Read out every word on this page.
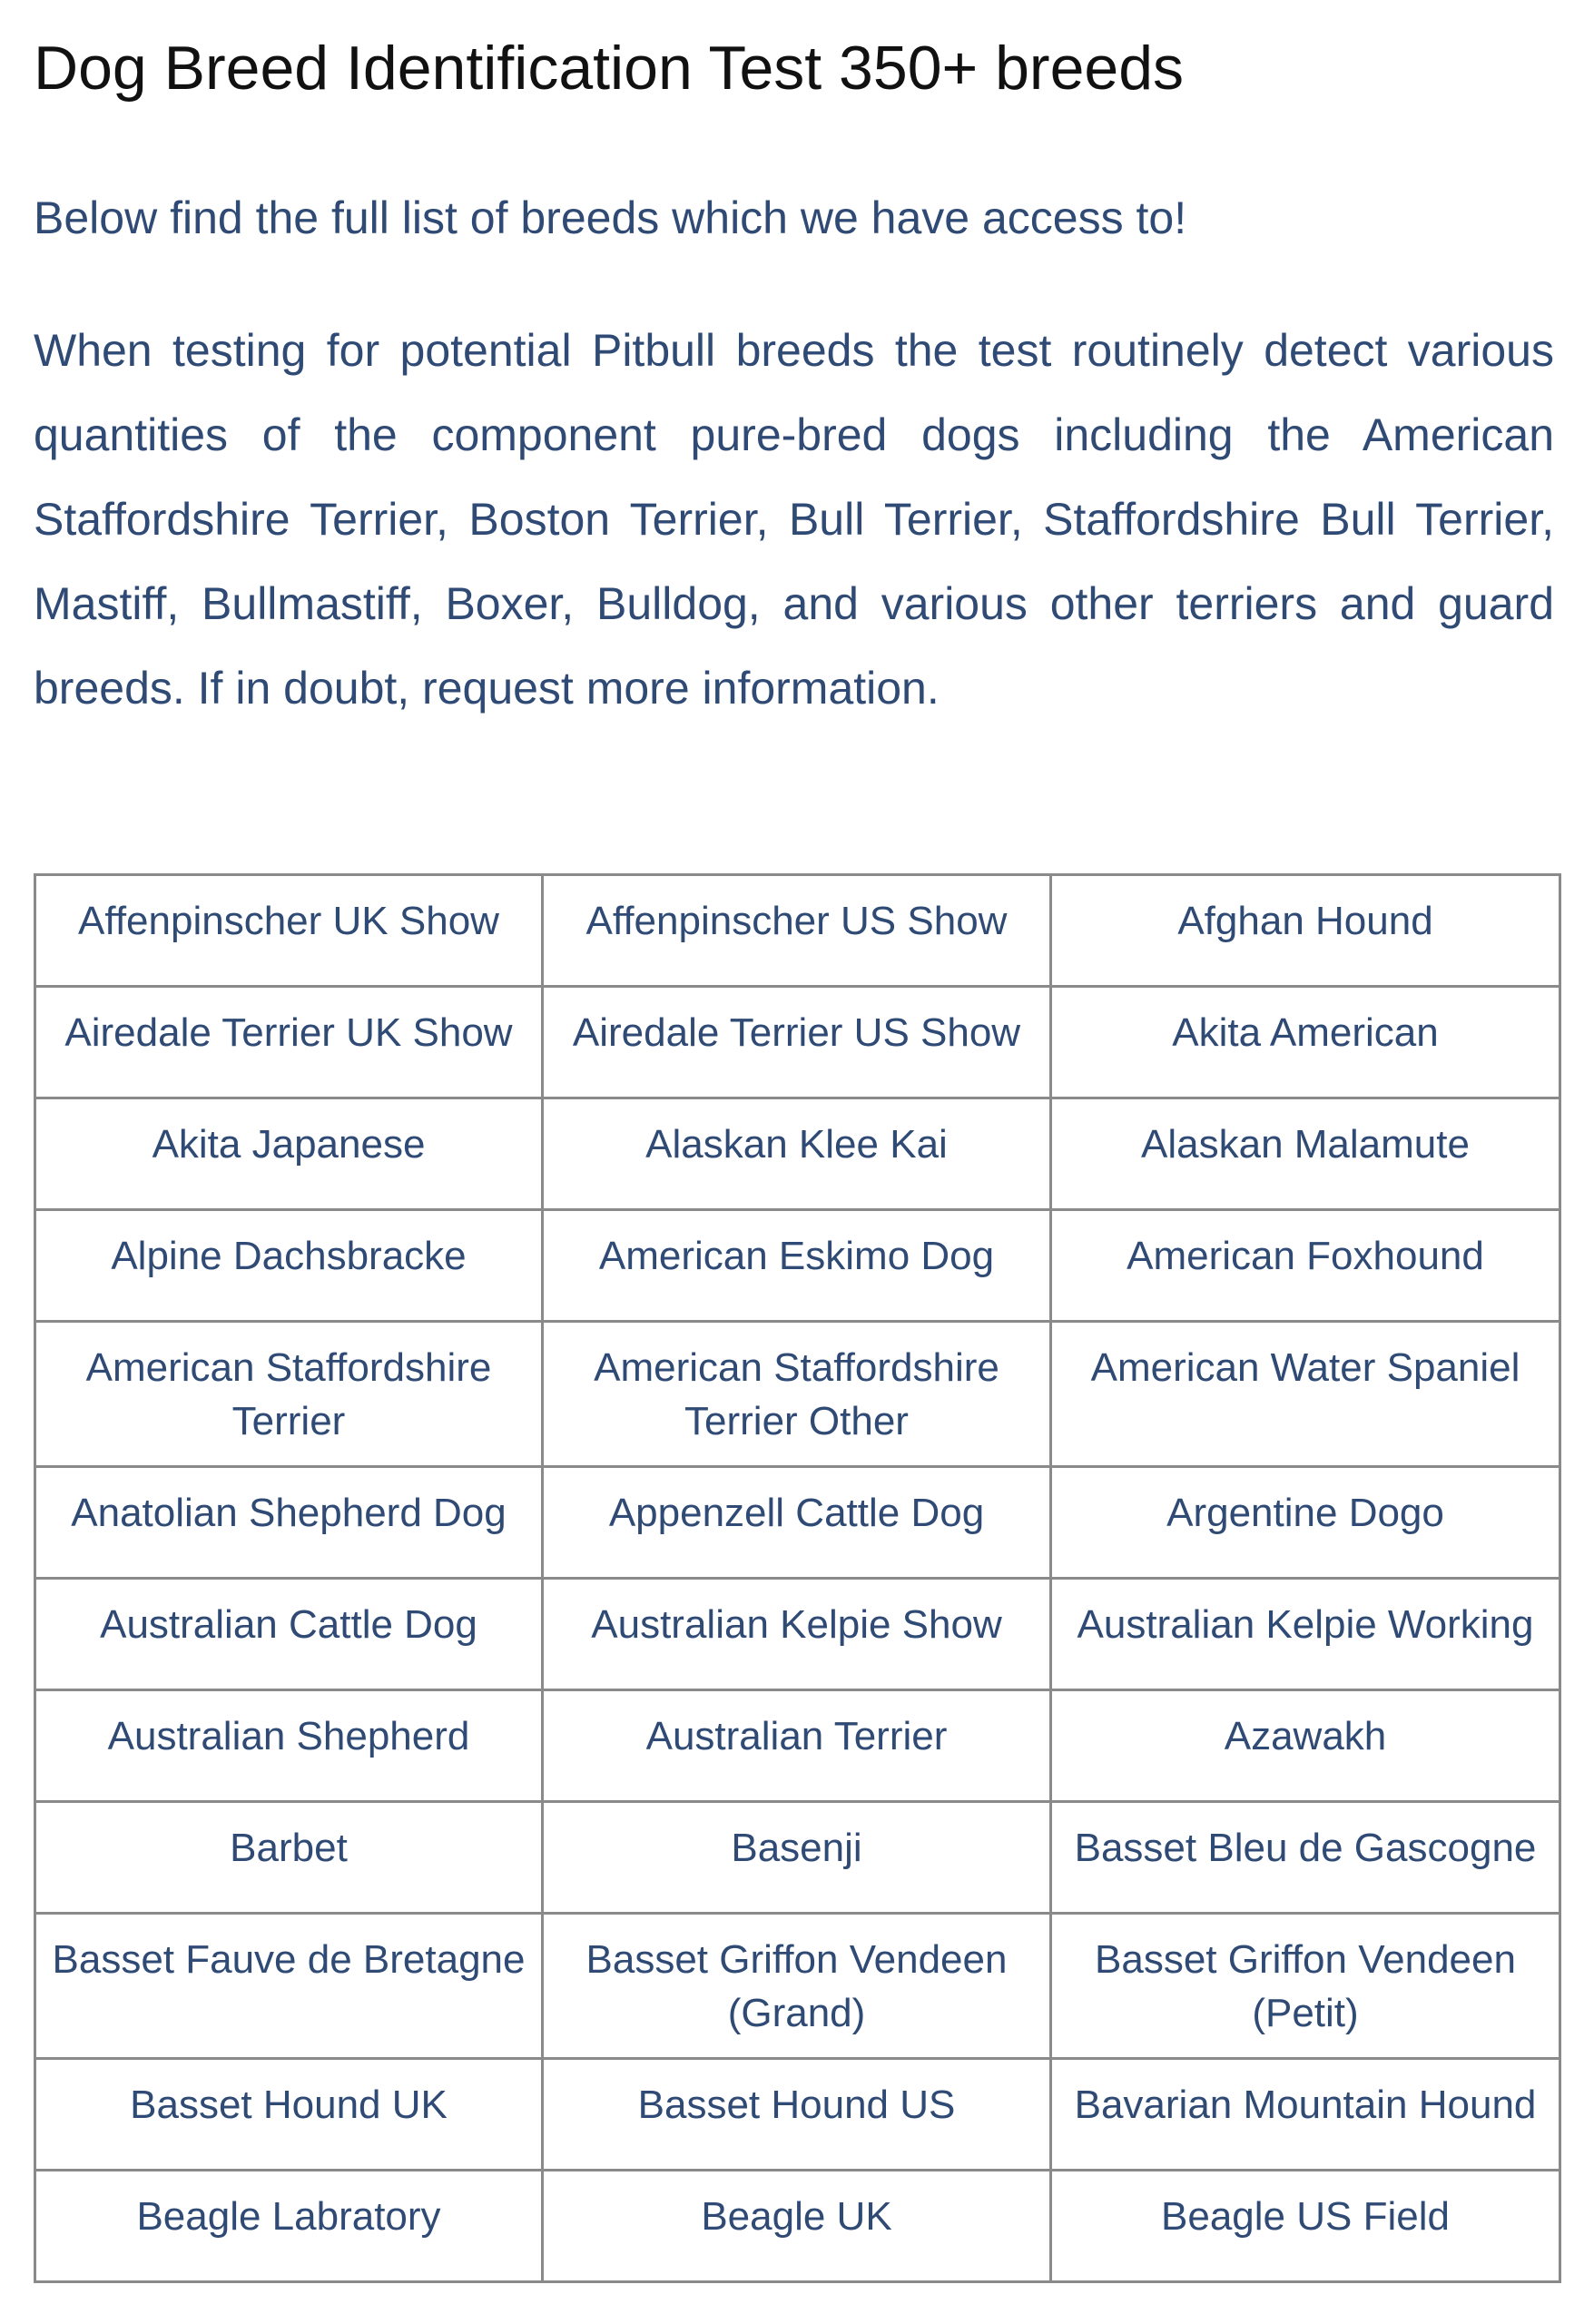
Dog Breed Identification Test 350+ breeds

Below find the full list of breeds which we have access to!

When testing for potential Pitbull breeds the test routinely detect various quantities of the component pure-bred dogs including the American Staffordshire Terrier, Boston Terrier, Bull Terrier, Staffordshire Bull Terrier, Mastiff, Bullmastiff, Boxer, Bulldog, and various other terriers and guard breeds. If in doubt, request more information.

Affenpinscher UK Show	Affenpinscher US Show	Afghan Hound
Airedale Terrier UK Show	Airedale Terrier US Show	Akita American
Akita Japanese	Alaskan Klee Kai	Alaskan Malamute
Alpine Dachsbracke	American Eskimo Dog	American Foxhound
American Staffordshire Terrier	American Staffordshire Terrier Other	American Water Spaniel
Anatolian Shepherd Dog	Appenzell Cattle Dog	Argentine Dogo
Australian Cattle Dog	Australian Kelpie Show	Australian Kelpie Working
Australian Shepherd	Australian Terrier	Azawakh
Barbet	Basenji	Basset Bleu de Gascogne
Basset Fauve de Bretagne	Basset Griffon Vendeen (Grand)	Basset Griffon Vendeen (Petit)
Basset Hound UK	Basset Hound US	Bavarian Mountain Hound
Beagle Labratory	Beagle UK	Beagle US Field
